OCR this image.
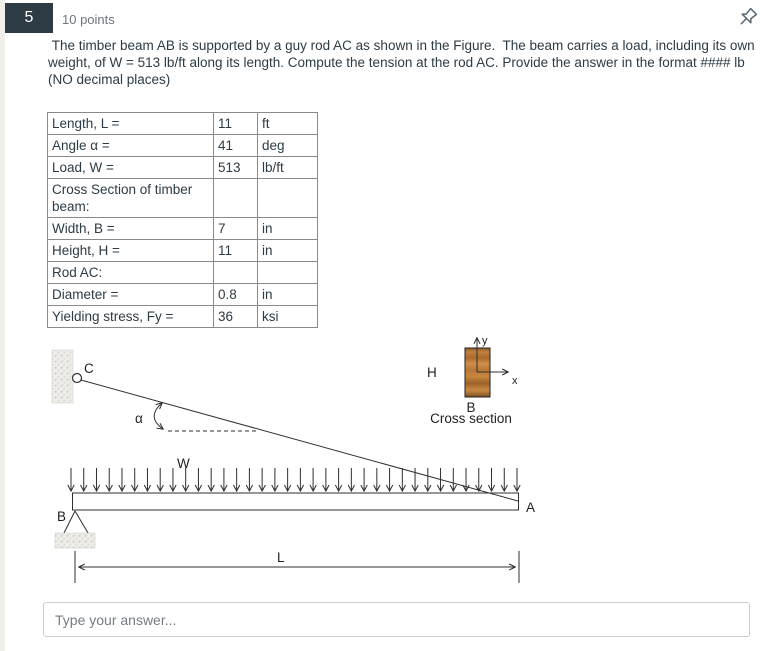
5 10 points
The timber beam AB is supported by a guy rod AC as shown in the Figure.  The beam carries a load, including its own weight, of W = 513 lb/ft along its length. Compute the tension at the rod AC. Provide the answer in the format #### lb (NO decimal places)
Length, L =	11	ft
Angle α =	41	deg
Load, W =	513	lb/ft
Cross Section of timber beam:		
Width, B =	7	in
Height, H =	11	in
Rod AC:		
Diameter =	0.8	in
Yielding stress, Fy =	36	ksi
C
α
W
B
A
L
H
B
y
x
Cross section
Type your answer...
